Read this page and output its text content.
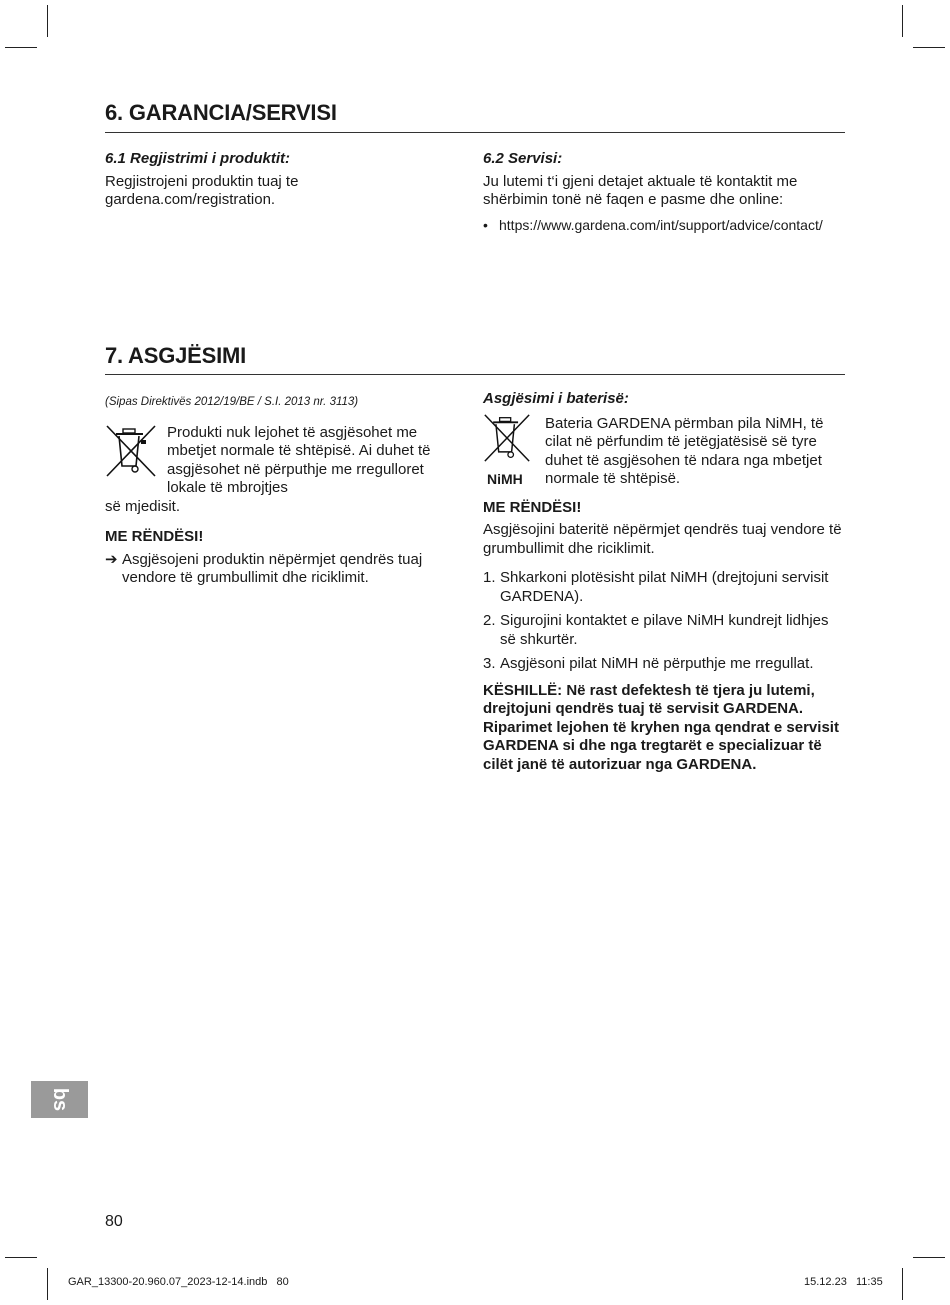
6. GARANCIA/SERVISI

6.1 Regjistrimi i produktit:

Regjistrojeni produktin tuaj te gardena.com/registration.

6.2 Servisi:

Ju lutemi t‘i gjeni detajet aktuale të kontaktit me shërbimin tonë në faqen e pasme dhe online:

• https://www.gardena.com/int/support/advice/contact/
7. ASGJËSIMI

(Sipas Direktivës 2012/19/BE / S.I. 2013 nr. 3113)

Produkti nuk lejohet të asgjësohet me mbetjet normale të shtëpisë. Ai duhet të asgjësohet në përputhje me rregulloret lokale të mbrojtjes

së mjedisit.

ME RËNDËSI!

➔ Asgjësojeni produktin nëpërmjet qendrës tuaj vendore të grumbullimit dhe riciklimit.

Asgjësimi i baterisë:

NiMH

Bateria GARDENA përmban pila NiMH, të cilat në përfundim të jetëgjatësisë së tyre duhet të asgjësohen të ndara nga mbetjet normale të shtëpisë.

ME RËNDËSI!

Asgjësojini bateritë nëpërmjet qendrës tuaj vendore të grumbullimit dhe riciklimit.

1. Shkarkoni plotësisht pilat NiMH (drejtojuni servisit GARDENA).
2. Sigurojini kontaktet e pilave NiMH kundrejt lidhjes së shkurtër.
3. Asgjësoni pilat NiMH në përputhje me rregullat.

KËSHILLË: Në rast defektesh të tjera ju lutemi, drejtojuni qendrës tuaj të servisit GARDENA. Riparimet lejohen të kryhen nga qendrat e servisit GARDENA si dhe nga tregtarët e specializuar të cilët janë të autorizuar nga GARDENA.

bs
80
GAR_13300-20.960.07_2023-12-14.indb   80	15.12.23   11:35
